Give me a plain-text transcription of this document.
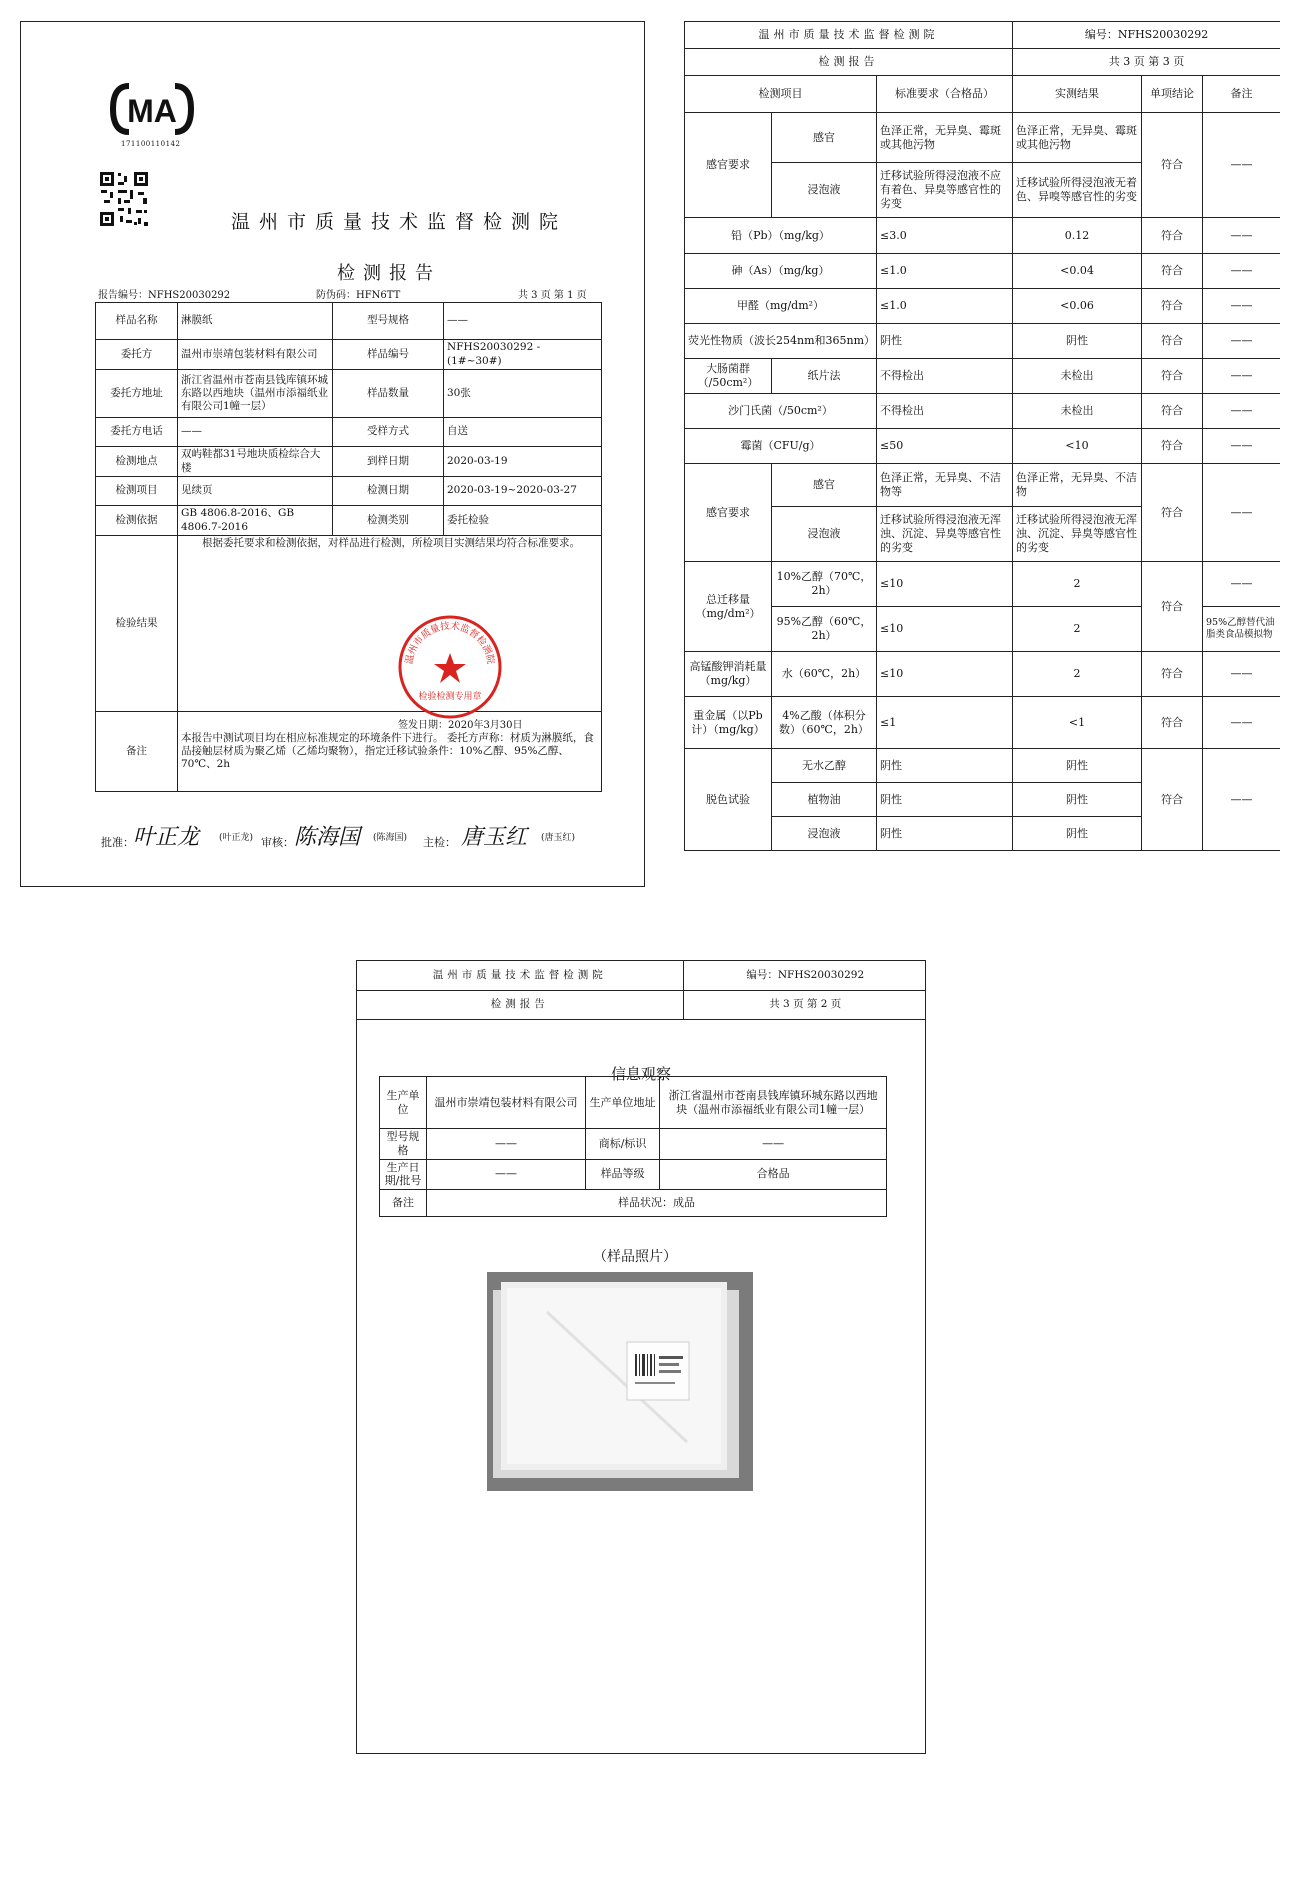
MA
171100110142
温州市质量技术监督检测院
检测报告
报告编号：NFHS20030292	防伪码：HFN6TT	共 3 页 第 1 页
样品名称	淋膜纸	型号规格	——
委托方	温州市崇靖包装材料有限公司	样品编号	NFHS20030292 - (1#~30#)
委托方地址	浙江省温州市苍南县钱库镇环城东路以西地块（温州市添福纸业有限公司1幢一层）	样品数量	30张
委托方电话	——	受样方式	自送
检测地点	双屿鞋都31号地块质检综合大楼	到样日期	2020-03-19
检测项目	见续页	检测日期	2020-03-19~2020-03-27
检测依据	GB 4806.8-2016、GB 4806.7-2016	检测类别	委托检验
检验结果	根据委托要求和检测依据，对样品进行检测，所检项目实测结果均符合标准要求。		
备注	本报告中测试项目均在相应标准规定的环境条件下进行。 委托方声称：材质为淋膜纸，食品接触层材质为聚乙烯（乙烯均聚物），指定迁移试验条件：10%乙醇、95%乙醇、70℃、2h		
温州市质量技术监督检测院
检验检测专用章
签发日期：2020年3月30日
批准： 叶正龙 (叶正龙) 审核： 陈海国 (陈海国) 主检： 唐玉红 (唐玉红)
温州市质量技术监督检测院			编号：NFHS20030292		
检测报告			共 3 页 第 3 页		
检测项目		标准要求（合格品）	实测结果	单项结论	备注
感官要求	感官	色泽正常，无异臭、霉斑或其他污物	色泽正常，无异臭、霉斑或其他污物	符合	——
	浸泡液	迁移试验所得浸泡液不应有着色、异臭等感官性的劣变	迁移试验所得浸泡液无着色、异嗅等感官性的劣变		
铅（Pb）（mg/kg）		≤3.0	0.12	符合	——
砷（As）（mg/kg）		≤1.0	<0.04	符合	——
甲醛（mg/dm²）		≤1.0	<0.06	符合	——
荧光性物质（波长254nm和365nm）		阴性	阴性	符合	——
大肠菌群（/50cm²）	纸片法	不得检出	未检出	符合	——
沙门氏菌（/50cm²）		不得检出	未检出	符合	——
霉菌（CFU/g）		≤50	<10	符合	——
感官要求	感官	色泽正常，无异臭、不洁物等	色泽正常，无异臭、不洁物	符合	——
	浸泡液	迁移试验所得浸泡液无浑浊、沉淀、异臭等感官性的劣变	迁移试验所得浸泡液无浑浊、沉淀、异臭等感官性的劣变		
总迁移量（mg/dm²）	10%乙醇（70℃，2h）	≤10	2	符合	——
	95%乙醇（60℃，2h）	≤10	2		95%乙醇替代油脂类食品模拟物
高锰酸钾消耗量（mg/kg）	水（60℃，2h）	≤10	2	符合	——
重金属（以Pb计）（mg/kg）	4%乙酸（体积分数）（60℃，2h）	≤1	<1	符合	——
脱色试验	无水乙醇	阴性	阴性	符合	——
	植物油	阴性	阴性		
	浸泡液	阴性	阴性		
温州市质量技术监督检测院	编号：NFHS20030292
检测报告	共 3 页 第 2 页
信息观察
生产单位	温州市崇靖包装材料有限公司	生产单位地址	浙江省温州市苍南县钱库镇环城东路以西地块（温州市添福纸业有限公司1幢一层）
型号规格	——	商标/标识	——
生产日期/批号	——	样品等级	合格品
备注	样品状况：成品		
（样品照片）
